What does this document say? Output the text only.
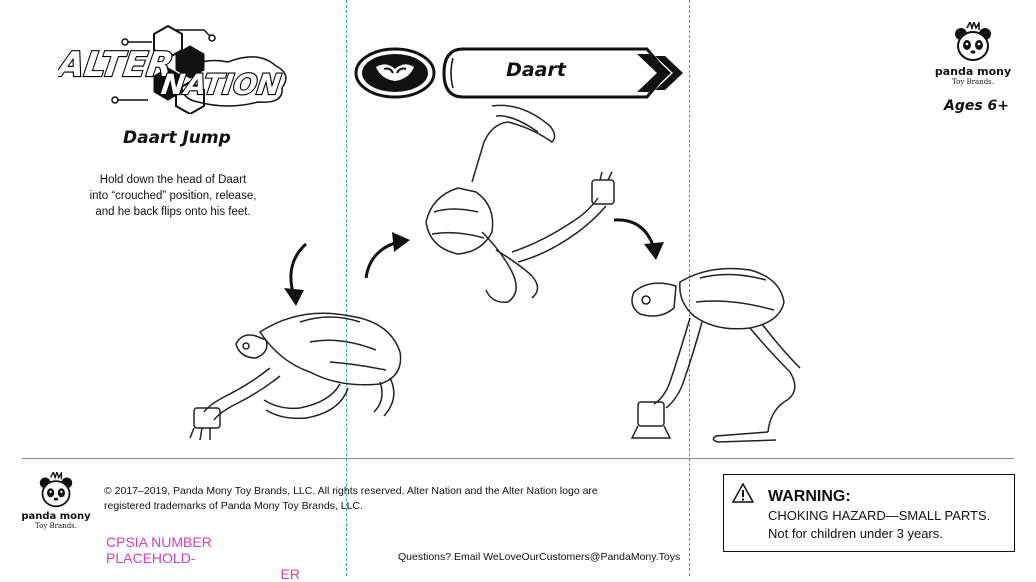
ALTER
NATION
Daart Jump
Hold down the head of Daart
into “crouched” position, release,
and he back flips onto his feet.
Daart	panda mony
Toy Brands.
Ages 6+
panda mony
Toy Brands.
© 2017–2019, Panda Mony Toy Brands, LLC. All rights reserved. Alter Nation and the Alter Nation logo are
registered trademarks of Panda Mony Toy Brands, LLC.
CPSIA NUMBER PLACEHOLD-
ER
Questions? Email WeLoveOurCustomers@PandaMony.Toys
WARNING:
CHOKING HAZARD—SMALL PARTS.
Not for children under 3 years.
